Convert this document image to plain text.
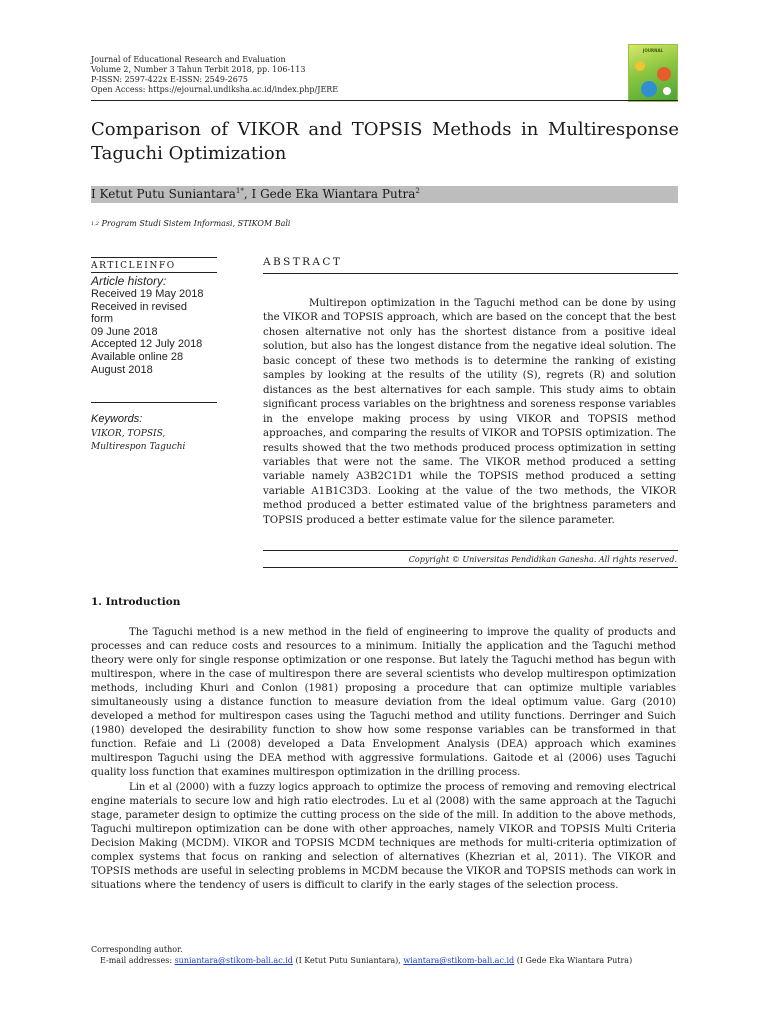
Journal of Educational Research and Evaluation
Volume 2, Number 3 Tahun Terbit 2018, pp. 106-113
P-ISSN: 2597-422x E-ISSN: 2549-2675
Open Access: https://ejournal.undiksha.ac.id/index.php/JERE
JOURNAL
Comparison of VIKOR and TOPSIS Methods in Multiresponse
Taguchi Optimization
I Ketut Putu Suniantara$^{1*}$, I Gede Eka Wiantara Putra$^2$
$^{1,2}$ Program Studi Sistem Informasi, STIKOM Bali
ARTICLEINFO
Article history:
Received 19 May 2018
Received in revised
form
09 June 2018
Accepted 12 July 2018
Available online 28
August 2018
Keywords:
VIKOR, TOPSIS,
Multirespon Taguchi
ABSTRACT
Multirepon optimization in the Taguchi method can be done by using the VIKOR and TOPSIS approach, which are based on the concept that the best chosen alternative not only has the shortest distance from a positive ideal solution, but also has the longest distance from the negative ideal solution. The basic concept of these two methods is to determine the ranking of existing samples by looking at the results of the utility (S), regrets (R) and solution distances as the best alternatives for each sample. This study aims to obtain significant process variables on the brightness and soreness response variables in the envelope making process by using VIKOR and TOPSIS method approaches, and comparing the results of VIKOR and TOPSIS optimization. The results showed that the two methods produced process optimization in setting variables that were not the same. The VIKOR method produced a setting variable namely A3B2C1D1 while the TOPSIS method produced a setting variable A1B1C3D3. Looking at the value of the two methods, the VIKOR method produced a better estimated value of the brightness parameters and TOPSIS produced a better estimate value for the silence parameter.
Copyright © Universitas Pendidikan Ganesha. All rights reserved.
1. Introduction

The Taguchi method is a new method in the field of engineering to improve the quality of products and processes and can reduce costs and resources to a minimum. Initially the application and the Taguchi method theory were only for single response optimization or one response. But lately the Taguchi method has begun with multirespon, where in the case of multirespon there are several scientists who develop multirespon optimization methods, including Khuri and Conlon (1981) proposing a procedure that can optimize multiple variables simultaneously using a distance function to measure deviation from the ideal optimum value. Garg (2010) developed a method for multirespon cases using the Taguchi method and utility functions. Derringer and Suich (1980) developed the desirability function to show how some response variables can be transformed in that function. Refaie and Li (2008) developed a Data Envelopment Analysis (DEA) approach which examines multirespon Taguchi using the DEA method with aggressive formulations. Gaitode et al (2006) uses Taguchi quality loss function that examines multirespon optimization in the drilling process.

Lin et al (2000) with a fuzzy logics approach to optimize the process of removing and removing electrical engine materials to secure low and high ratio electrodes. Lu et al (2008) with the same approach at the Taguchi stage, parameter design to optimize the cutting process on the side of the mill. In addition to the above methods, Taguchi multirepon optimization can be done with other approaches, namely VIKOR and TOPSIS Multi Criteria Decision Making (MCDM). VIKOR and TOPSIS MCDM techniques are methods for multi-criteria optimization of complex systems that focus on ranking and selection of alternatives (Khezrian et al, 2011). The VIKOR and TOPSIS methods are useful in selecting problems in MCDM because the VIKOR and TOPSIS methods can work in situations where the tendency of users is difficult to clarify in the early stages of the selection process.

Corresponding author.
E-mail addresses: suniantara@stikom-bali.ac.id (I Ketut Putu Suniantara), wiantara@stikom-bali.ac.id (I Gede Eka Wiantara Putra)
